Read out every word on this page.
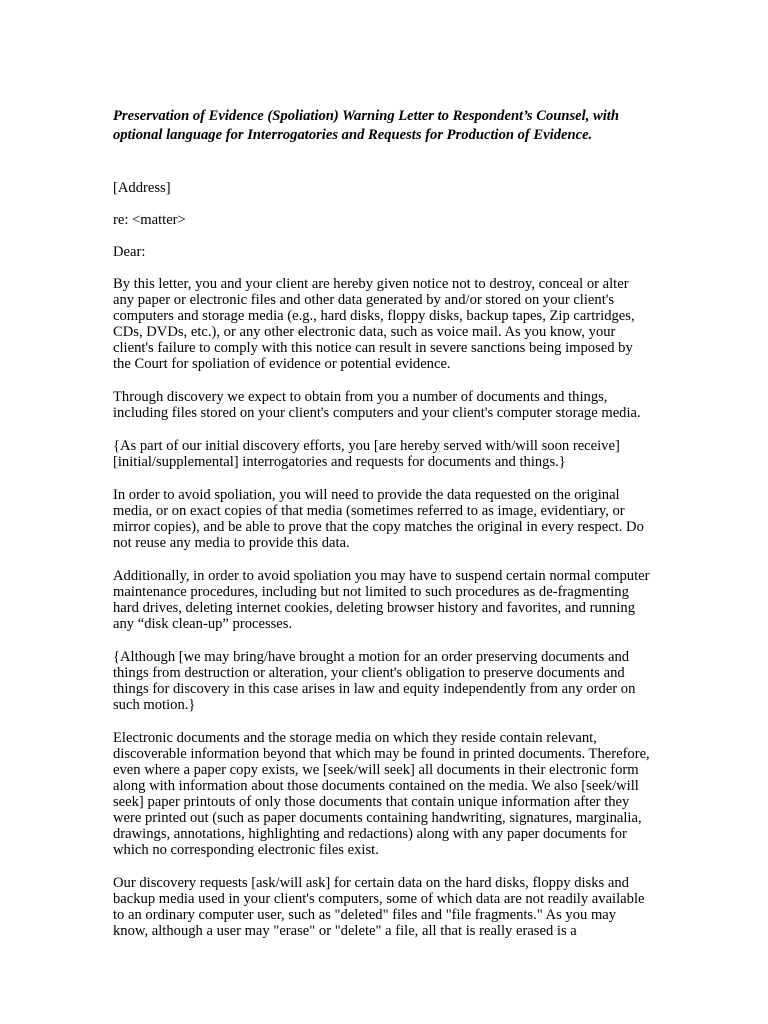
Preservation of Evidence (Spoliation) Warning Letter to Respondent’s Counsel, with optional language for Interrogatories and Requests for Production of Evidence.
[Address]
re: <matter>
Dear:
By this letter, you and your client are hereby given notice not to destroy, conceal or alter any paper or electronic files and other data generated by and/or stored on your client's computers and storage media (e.g., hard disks, floppy disks, backup tapes, Zip cartridges, CDs, DVDs, etc.), or any other electronic data, such as voice mail. As you know, your client's failure to comply with this notice can result in severe sanctions being imposed by the Court for spoliation of evidence or potential evidence.
Through discovery we expect to obtain from you a number of documents and things, including files stored on your client's computers and your client's computer storage media.
{As part of our initial discovery efforts, you [are hereby served with/will soon receive] [initial/supplemental] interrogatories and requests for documents and things.}
In order to avoid spoliation, you will need to provide the data requested on the original media, or on exact copies of that media (sometimes referred to as image, evidentiary, or mirror copies), and be able to prove that the copy matches the original in every respect. Do not reuse any media to provide this data.
Additionally, in order to avoid spoliation you may have to suspend certain normal computer maintenance procedures, including but not limited to such procedures as de-fragmenting hard drives, deleting internet cookies, deleting browser history and favorites, and running any “disk clean-up” processes.
{Although [we may bring/have brought a motion for an order preserving documents and things from destruction or alteration, your client's obligation to preserve documents and things for discovery in this case arises in law and equity independently from any order on such motion.}
Electronic documents and the storage media on which they reside contain relevant, discoverable information beyond that which may be found in printed documents. Therefore, even where a paper copy exists, we [seek/will seek] all documents in their electronic form along with information about those documents contained on the media. We also [seek/will seek] paper printouts of only those documents that contain unique information after they were printed out (such as paper documents containing handwriting, signatures, marginalia, drawings, annotations, highlighting and redactions) along with any paper documents for which no corresponding electronic files exist.
Our discovery requests [ask/will ask] for certain data on the hard disks, floppy disks and backup media used in your client's computers, some of which data are not readily available to an ordinary computer user, such as "deleted" files and "file fragments." As you may know, although a user may "erase" or "delete" a file, all that is really erased is a
